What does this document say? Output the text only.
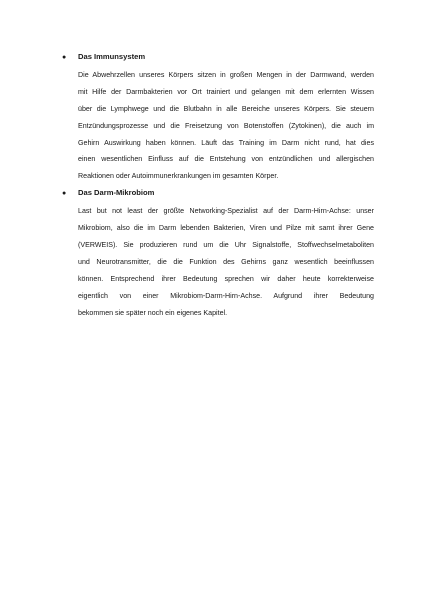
●	Das Immunsystem
Die Abwehrzellen unseres Körpers sitzen in großen Mengen in der Darmwand, werden
mit Hilfe der Darmbakterien vor Ort trainiert und gelangen mit dem erlernten Wissen
über die Lymphwege und die Blutbahn in alle Bereiche unseres Körpers. Sie steuern
Entzündungsprozesse und die Freisetzung von Botenstoffen (Zytokinen), die auch im
Gehirn Auswirkung haben können. Läuft das Training im Darm nicht rund, hat dies
einen wesentlichen Einfluss auf die Entstehung von entzündlichen und allergischen
Reaktionen oder Autoimmunerkrankungen im gesamten Körper.
●	Das Darm-Mikrobiom
Last but not least der größte Networking-Spezialist auf der Darm-Hirn-Achse: unser
Mikrobiom, also die im Darm lebenden Bakterien, Viren und Pilze mit samt ihrer Gene
(VERWEIS). Sie produzieren rund um die Uhr Signalstoffe, Stoffwechselmetaboliten
und Neurotransmitter, die die Funktion des Gehirns ganz wesentlich beeinflussen
können. Entsprechend ihrer Bedeutung sprechen wir daher heute korrekterweise
eigentlich von einer Mikrobiom-Darm-Hirn-Achse. Aufgrund ihrer Bedeutung
bekommen sie später noch ein eigenes Kapitel.
